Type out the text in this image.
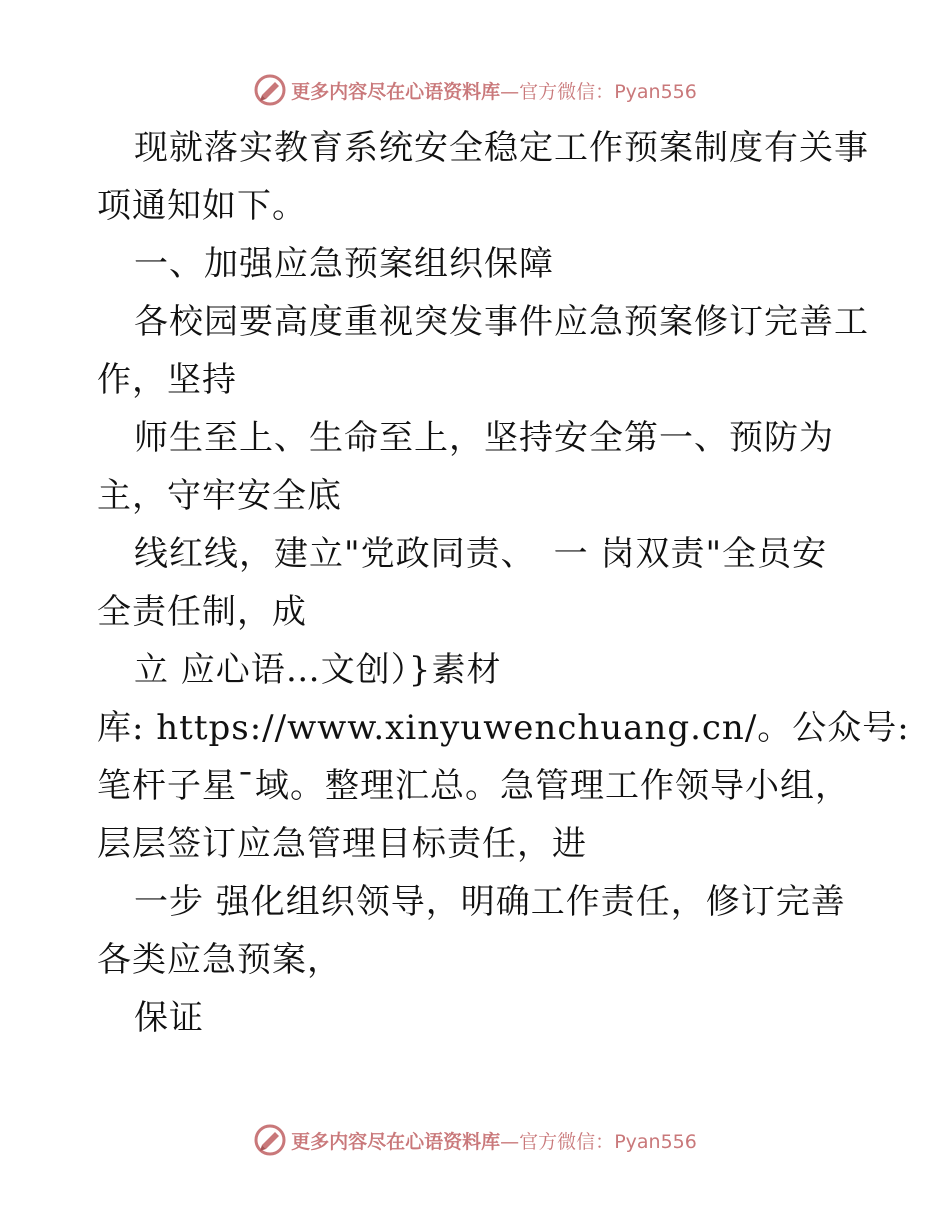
更多内容尽在心语资料库—官方微信：Pyan556
现就落实教育系统安全稳定工作预案制度有关事
项通知如下。
一、加强应急预案组织保障
各校园要高度重视突发事件应急预案修订完善工
作，坚持
师生至上、生命至上，坚持安全第一、预防为
主，守牢安全底
线红线，建立"党政同责、　一 岗双责"全员安
全责任制，成
立 应心语…文创）}素材
库: https://www.xinyuwenchuang.cn/。公众号:
笔杆子星¯域。整理汇总。急管理工作领导小组，
层层签订应急管理目标责任，进
一步 强化组织领导，明确工作责任，修订完善
各类应急预案，
保证
更多内容尽在心语资料库—官方微信：Pyan556
